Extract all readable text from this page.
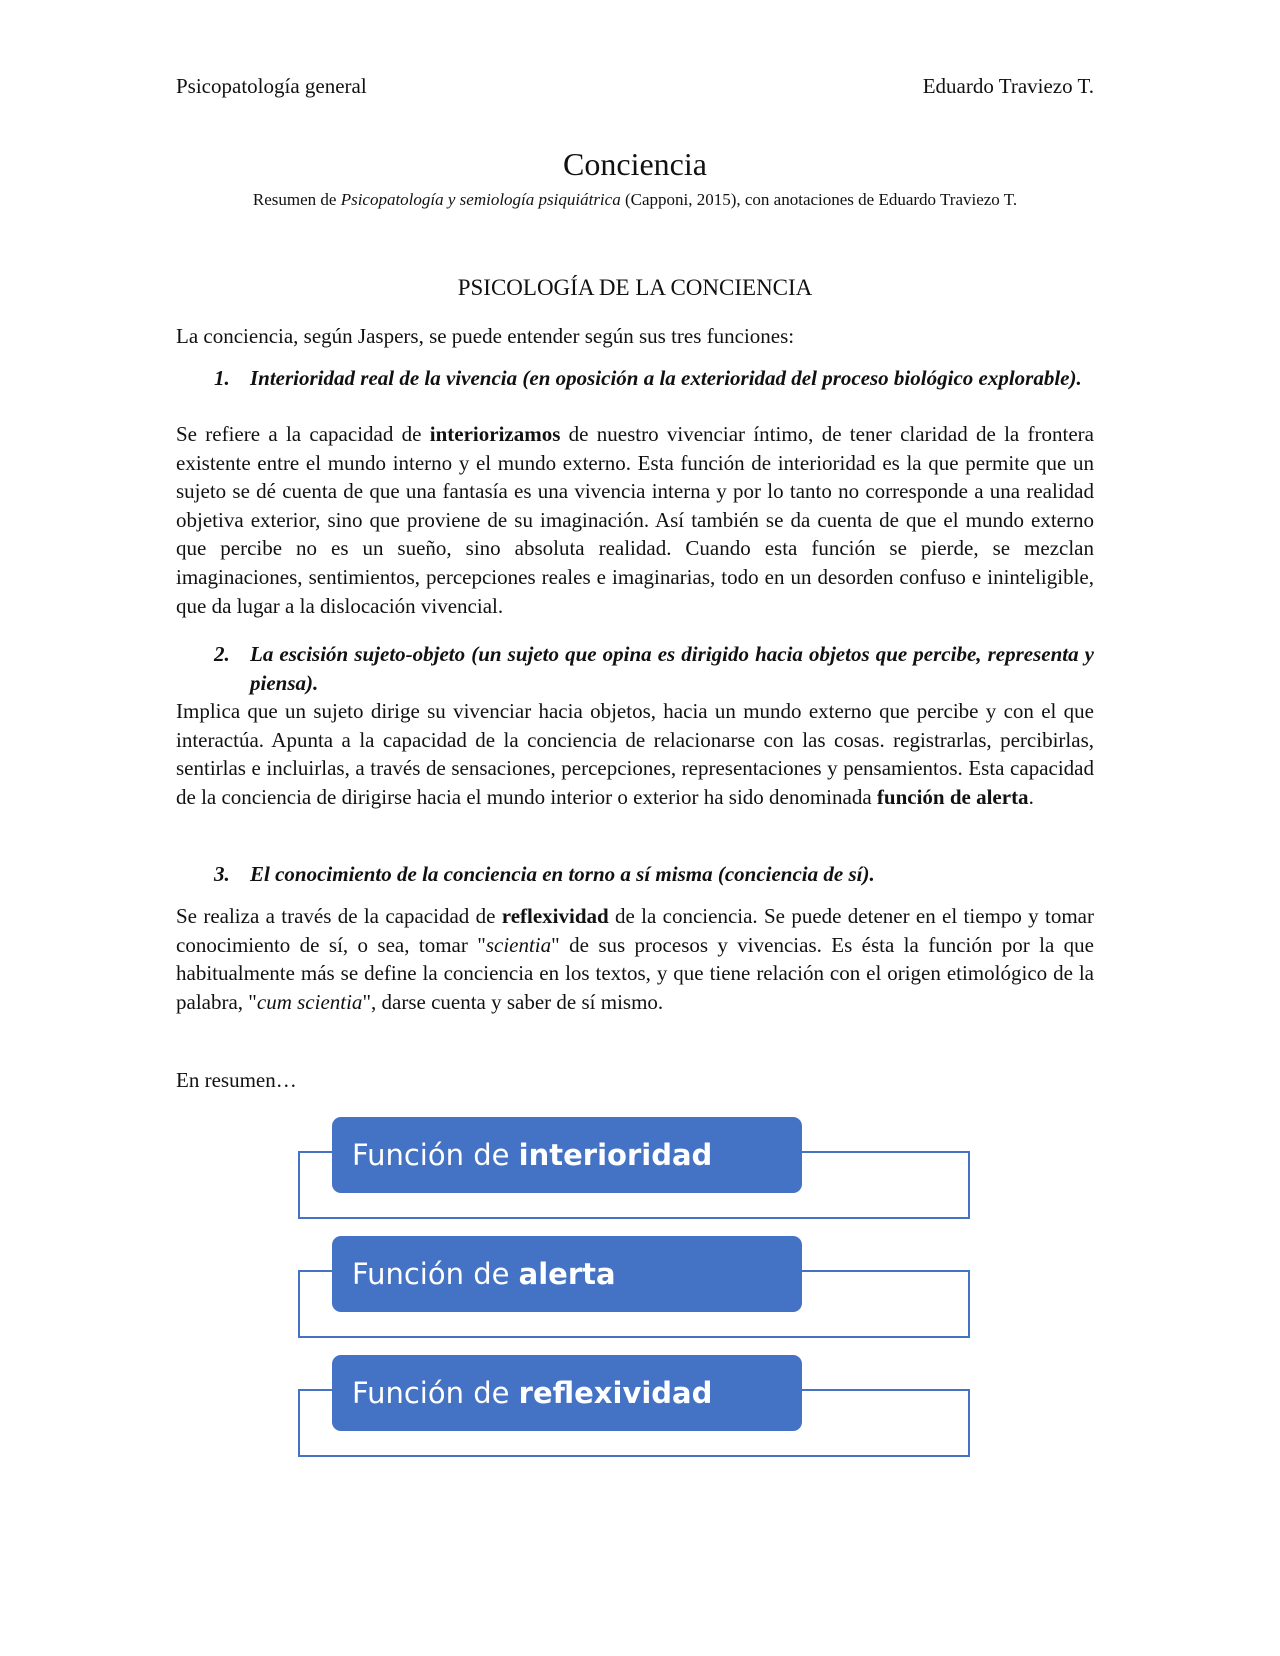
Psicopatología general	Eduardo Traviezo T.
Conciencia
Resumen de Psicopatología y semiología psiquiátrica (Capponi, 2015), con anotaciones de Eduardo Traviezo T.
PSICOLOGÍA DE LA CONCIENCIA
La conciencia, según Jaspers, se puede entender según sus tres funciones:
1. Interioridad real de la vivencia (en oposición a la exterioridad del proceso biológico explorable).
Se refiere a la capacidad de interiorizamos de nuestro vivenciar íntimo, de tener claridad de la frontera existente entre el mundo interno y el mundo externo. Esta función de interioridad es la que permite que un sujeto se dé cuenta de que una fantasía es una vivencia interna y por lo tanto no corresponde a una realidad objetiva exterior, sino que proviene de su imaginación. Así también se da cuenta de que el mundo externo que percibe no es un sueño, sino absoluta realidad. Cuando esta función se pierde, se mezclan imaginaciones, sentimientos, percepciones reales e imaginarias, todo en un desorden confuso e ininteligible, que da lugar a la dislocación vivencial.
2. La escisión sujeto-objeto (un sujeto que opina es dirigido hacia objetos que percibe, representa y piensa).
Implica que un sujeto dirige su vivenciar hacia objetos, hacia un mundo externo que percibe y con el que interactúa. Apunta a la capacidad de la conciencia de relacionarse con las cosas. registrarlas, percibirlas, sentirlas e incluirlas, a través de sensaciones, percepciones, representaciones y pensamientos. Esta capacidad de la conciencia de dirigirse hacia el mundo interior o exterior ha sido denominada función de alerta.
3. El conocimiento de la conciencia en torno a sí misma (conciencia de sí).
Se realiza a través de la capacidad de reflexividad de la conciencia. Se puede detener en el tiempo y tomar conocimiento de sí, o sea, tomar "scientia" de sus procesos y vivencias. Es ésta la función por la que habitualmente más se define la conciencia en los textos, y que tiene relación con el origen etimológico de la palabra, "cum scientia", darse cuenta y saber de sí mismo.
En resumen…
Función de interioridad
Función de alerta
Función de reflexividad
